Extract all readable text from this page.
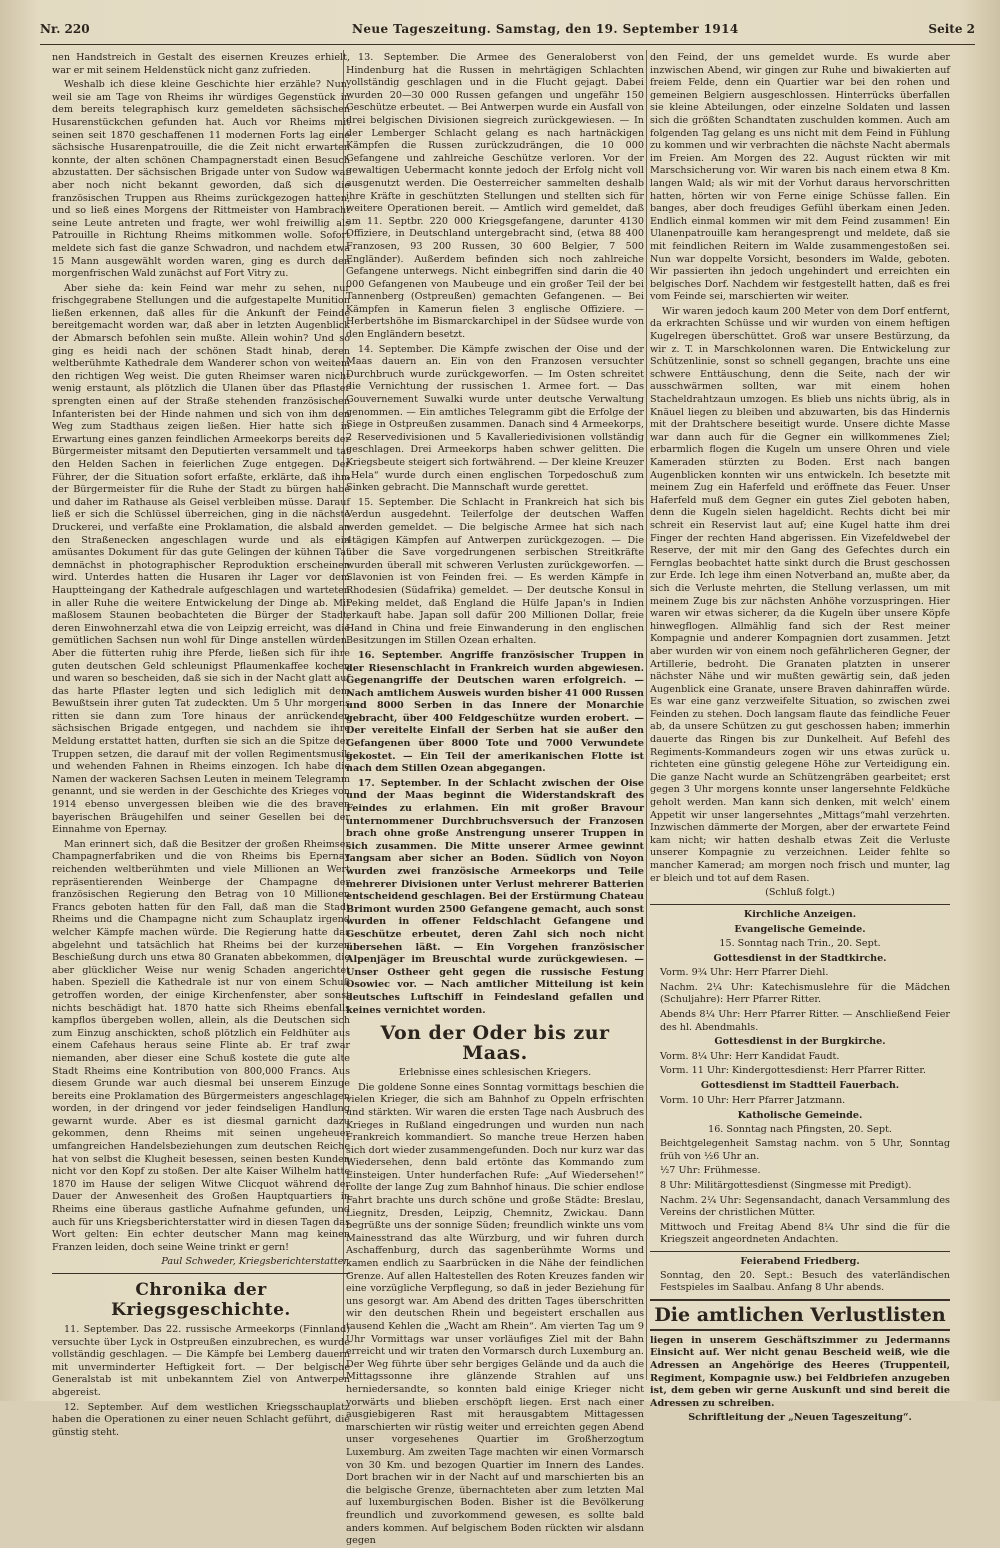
Nr. 220	Neue Tageszeitung. Samstag, den 19. September 1914	Seite 2

nen Handstreich in Gestalt des eisernen Kreuzes erhielt, war er mit seinem Heldenstück nicht ganz zufrieden.

Weshalb ich diese kleine Geschichte hier erzähle? Nun, weil sie am Tage von Rheims ihr würdiges Gegenstück in dem bereits telegraphisch kurz gemeldeten sächsischen Husarenstückchen gefunden hat. Auch vor Rheims mit seinen seit 1870 geschaffenen 11 modernen Forts lag eine sächsische Husarenpatrouille, die die Zeit nicht erwarten konnte, der alten schönen Champagnerstadt einen Besuch abzustatten. Der sächsischen Brigade unter von Sudow war aber noch nicht bekannt geworden, daß sich die französischen Truppen aus Rheims zurückgezogen hatten, und so ließ eines Morgens der Rittmeister von Hambracht seine Leute antreten und fragte, wer wohl freiwillig als Patrouille in Richtung Rheims mitkommen wolle. Sofort meldete sich fast die ganze Schwadron, und nachdem etwa 15 Mann ausgewählt worden waren, ging es durch den morgenfrischen Wald zunächst auf Fort Vitry zu.

Aber siehe da: kein Feind war mehr zu sehen, nur frischgegrabene Stellungen und die aufgestapelte Munition ließen erkennen, daß alles für die Ankunft der Feinde bereitgemacht worden war, daß aber in letzten Augenblick der Abmarsch befohlen sein mußte. Allein wohin? Und so ging es heidi nach der schönen Stadt hinab, deren weltberühmte Kathedrale dem Wanderer schon von weitem den richtigen Weg weist. Die guten Rheimser waren nicht wenig erstaunt, als plötzlich die Ulanen über das Pflaster sprengten einen auf der Straße stehenden französischen Infanteristen bei der Hinde nahmen und sich von ihm den Weg zum Stadthaus zeigen ließen. Hier hatte sich in Erwartung eines ganzen feindlichen Armeekorps bereits der Bürgermeister mitsamt den Deputierten versammelt und tat den Helden Sachen in feierlichen Zuge entgegen. Der Führer, der die Situation sofort erfaßte, erklärte, daß ihm der Bürgermeister für die Ruhe der Stadt zu bürgen habe und daher im Rathause als Geisel verbleiben müsse. Darauf ließ er sich die Schlüssel überreichen, ging in die nächste Druckerei, und verfaßte eine Proklamation, die alsbald an den Straßenecken angeschlagen wurde und als ein amüsantes Dokument für das gute Gelingen der kühnen Tat demnächst in photographischer Reproduktion erscheinen wird. Unterdes hatten die Husaren ihr Lager vor dem Hauptteingang der Kathedrale aufgeschlagen und warteten in aller Ruhe die weitere Entwickelung der Dinge ab. Mit maßlosem Staunen beobachteten die Bürger der Stadt, deren Einwohnerzahl etwa die von Leipzig erreicht, was die gemütlichen Sachsen nun wohl für Dinge anstellen würden. Aber die fütterten ruhig ihre Pferde, ließen sich für ihre guten deutschen Geld schleunigst Pflaumenkaffee kochen und waren so bescheiden, daß sie sich in der Nacht glatt auf das harte Pflaster legten und sich lediglich mit dem Bewußtsein ihrer guten Tat zudeckten. Um 5 Uhr morgens ritten sie dann zum Tore hinaus der anrückenden sächsischen Brigade entgegen, und nachdem sie ihre Meldung erstattet hatten, durften sie sich an die Spitze der Truppen setzen, die darauf mit der vollen Regimentsmusik und wehenden Fahnen in Rheims einzogen. Ich habe die Namen der wackeren Sachsen Leuten in meinem Telegramm genannt, und sie werden in der Geschichte des Krieges von 1914 ebenso unvergessen bleiben wie die des braven bayerischen Bräugehilfen und seiner Gesellen bei der Einnahme von Epernay.

Man erinnert sich, daß die Besitzer der großen Rheimser Champagnerfabriken und die von Rheims bis Epernay reichenden weltberühmten und viele Millionen an Wert repräsentierenden Weinberge der Champagne der französischen Regierung den Betrag von 10 Millionen Francs geboten hatten für den Fall, daß man die Stadt Rheims und die Champagne nicht zum Schauplatz irgend welcher Kämpfe machen würde. Die Regierung hatte das abgelehnt und tatsächlich hat Rheims bei der kurzen Beschießung durch uns etwa 80 Granaten abbekommen, die aber glücklicher Weise nur wenig Schaden angerichtet haben. Speziell die Kathedrale ist nur von einem Schuß getroffen worden, der einige Kirchenfenster, aber sonst nichts beschädigt hat. 1870 hatte sich Rheims ebenfalls kampflos übergeben wollen, allein, als die Deutschen sich zum Einzug anschickten, schoß plötzlich ein Feldhüter aus einem Cafehaus heraus seine Flinte ab. Er traf zwar niemanden, aber dieser eine Schuß kostete die gute alte Stadt Rheims eine Kontribution von 800,000 Francs. Aus diesem Grunde war auch diesmal bei unserem Einzuge bereits eine Proklamation des Bürgermeisters angeschlagen worden, in der dringend vor jeder feindseligen Handlung gewarnt wurde. Aber es ist diesmal garnicht dazu gekommen, denn Rheims mit seinen ungeheuer umfangreichen Handelsbeziehungen zum deutschen Reiche hat von selbst die Klugheit besessen, seinen besten Kunden nicht vor den Kopf zu stoßen. Der alte Kaiser Wilhelm hatte 1870 im Hause der seligen Witwe Clicquot während der Dauer der Anwesenheit des Großen Hauptquartiers in Rheims eine überaus gastliche Aufnahme gefunden, und auch für uns Kriegsberichterstatter wird in diesen Tagen das Wort gelten: Ein echter deutscher Mann mag keinen Franzen leiden, doch seine Weine trinkt er gern!

Paul Schweder, Kriegsberichterstatter.

Chronika der Kriegsgeschichte.

11. September. Das 22. russische Armeekorps (Finnland) versuchte über Lyck in Ostpreußen einzubrechen, es wurde vollständig geschlagen. — Die Kämpfe bei Lemberg dauern mit unverminderter Heftigkeit fort. — Der belgische Generalstab ist mit unbekanntem Ziel von Antwerpen abgereist.

12. September. Auf dem westlichen Kriegsschauplatz haben die Operationen zu einer neuen Schlacht geführt, die günstig steht.

13. September. Die Armee des Generaloberst von Hindenburg hat die Russen in mehrtägigen Schlachten vollständig geschlagen und in die Flucht gejagt. Dabei wurden 20—30 000 Russen gefangen und ungefähr 150 Geschütze erbeutet. — Bei Antwerpen wurde ein Ausfall von drei belgischen Divisionen siegreich zurückgewiesen. — In der Lemberger Schlacht gelang es nach hartnäckigen Kämpfen die Russen zurückzudrängen, die 10 000 Gefangene und zahlreiche Geschütze verloren. Vor der gewaltigen Uebermacht konnte jedoch der Erfolg nicht voll ausgenutzt werden. Die Oesterreicher sammelten deshalb ihre Kräfte in geschützten Stellungen und stellten sich für weitere Operationen bereit. — Amtlich wird gemeldet, daß am 11. Septbr. 220 000 Kriegsgefangene, darunter 4130 Offiziere, in Deutschland untergebracht sind, (etwa 88 400 Franzosen, 93 200 Russen, 30 600 Belgier, 7 500 Engländer). Außerdem befinden sich noch zahlreiche Gefangene unterwegs. Nicht einbegriffen sind darin die 40 000 Gefangenen von Maubeuge und ein großer Teil der bei Tannenberg (Ostpreußen) gemachten Gefangenen. — Bei Kämpfen in Kamerun fielen 3 englische Offiziere. — Herbertshöhe im Bismarckarchipel in der Südsee wurde von den Engländern besetzt.

14. September. Die Kämpfe zwischen der Oise und der Maas dauern an. Ein von den Franzosen versuchter Durchbruch wurde zurückgeworfen. — Im Osten schreitet die Vernichtung der russischen 1. Armee fort. — Das Gouvernement Suwalki wurde unter deutsche Verwaltung genommen. — Ein amtliches Telegramm gibt die Erfolge der Siege in Ostpreußen zusammen. Danach sind 4 Armeekorps, 2 Reservedivisionen und 5 Kavalleriedivisionen vollständig geschlagen. Drei Armeekorps haben schwer gelitten. Die Kriegsbeute steigert sich fortwährend. — Der kleine Kreuzer „Hela“ wurde durch einen englischen Torpedoschuß zum Sinken gebracht. Die Mannschaft wurde gerettet.

15. September. Die Schlacht in Frankreich hat sich bis Verdun ausgedehnt. Teilerfolge der deutschen Waffen werden gemeldet. — Die belgische Armee hat sich nach 4tägigen Kämpfen auf Antwerpen zurückgezogen. — Die über die Save vorgedrungenen serbischen Streitkräfte wurden überall mit schweren Verlusten zurückgeworfen. — Slavonien ist von Feinden frei. — Es werden Kämpfe in Rhodesien (Südafrika) gemeldet. — Der deutsche Konsul in Peking meldet, daß England die Hülfe Japan's in Indien erkauft habe. Japan soll dafür 200 Millionen Dollar, freie Hand in China und freie Einwanderung in den englischen Besitzungen im Stillen Ozean erhalten.

16. September. Angriffe französischer Truppen in der Riesenschlacht in Frankreich wurden abgewiesen. Gegenangriffe der Deutschen waren erfolgreich. — Nach amtlichem Ausweis wurden bisher 41 000 Russen und 8000 Serben in das Innere der Monarchie gebracht, über 400 Feldgeschütze wurden erobert. — Der vereitelte Einfall der Serben hat sie außer den Gefangenen über 8000 Tote und 7000 Verwundete gekostet. — Ein Teil der amerikanischen Flotte ist nach dem Stillen Ozean abgegangen.

17. September. In der Schlacht zwischen der Oise und der Maas beginnt die Widerstandskraft des Feindes zu erlahmen. Ein mit großer Bravour unternommener Durchbruchsversuch der Franzosen brach ohne große Anstrengung unserer Truppen in sich zusammen. Die Mitte unserer Armee gewinnt langsam aber sicher an Boden. Südlich von Noyon wurden zwei französische Armeekorps und Teile mehrerer Divisionen unter Verlust mehrerer Batterien entscheidend geschlagen. Bei der Erstürmung Chateau Brimont wurden 2500 Gefangene gemacht, auch sonst wurden in offener Feldschlacht Gefangene und Geschütze erbeutet, deren Zahl sich noch nicht übersehen läßt. — Ein Vorgehen französischer Alpenjäger im Breuschtal wurde zurückgewiesen. — Unser Ostheer geht gegen die russische Festung Osowiec vor. — Nach amtlicher Mitteilung ist kein deutsches Luftschiff in Feindesland gefallen und keines vernichtet worden.

Von der Oder bis zur Maas.

Erlebnisse eines schlesischen Kriegers.

Die goldene Sonne eines Sonntag vormittags beschien die vielen Krieger, die sich am Bahnhof zu Oppeln erfrischten und stärkten. Wir waren die ersten Tage nach Ausbruch des Krieges in Rußland eingedrungen und wurden nun nach Frankreich kommandiert. So manche treue Herzen haben sich dort wieder zusammengefunden. Doch nur kurz war das Wiedersehen, denn bald ertönte das Kommando zum Einsteigen. Unter hunderfachen Rufe: „Auf Wiedersehen!“ rollte der lange Zug zum Bahnhof hinaus. Die schier endlose Fahrt brachte uns durch schöne und große Städte: Breslau, Liegnitz, Dresden, Leipzig, Chemnitz, Zwickau. Dann begrüßte uns der sonnige Süden; freundlich winkte uns vom Mainesstrand das alte Würzburg, und wir fuhren durch Aschaffenburg, durch das sagenberühmte Worms und kamen endlich zu Saarbrücken in die Nähe der feindlichen Grenze. Auf allen Haltestellen des Roten Kreuzes fanden wir eine vorzügliche Verpflegung, so daß in jeder Beziehung für uns gesorgt war. Am Abend des dritten Tages überschritten wir den deutschen Rhein und begeistert erschallen aus tausend Kehlen die „Wacht am Rhein“. Am vierten Tag um 9 Uhr Vormittags war unser vorläufiges Ziel mit der Bahn erreicht und wir traten den Vormarsch durch Luxemburg an. Der Weg führte über sehr bergiges Gelände und da auch die Mittagssonne ihre glänzende Strahlen auf uns herniedersandte, so konnten bald einige Krieger nicht vorwärts und blieben erschöpft liegen. Erst nach einer ausgiebigeren Rast mit herausgabtem Mittagessen marschierten wir rüstig weiter und erreichten gegen Abend unser vorgesehenes Quartier im Großherzogtum Luxemburg. Am zweiten Tage machten wir einen Vormarsch von 30 Km. und bezogen Quartier im Innern des Landes. Dort brachen wir in der Nacht auf und marschierten bis an die belgische Grenze, übernachteten aber zum letzten Mal auf luxemburgischen Boden. Bisher ist die Bevölkerung freundlich und zuvorkommend gewesen, es sollte bald anders kommen. Auf belgischem Boden rückten wir alsdann gegen

den Feind, der uns gemeldet wurde. Es wurde aber inzwischen Abend, wir gingen zur Ruhe und biwakierten auf freiem Felde, denn ein Quartier war bei den rohen und gemeinen Belgiern ausgeschlossen. Hinterrücks überfallen sie kleine Abteilungen, oder einzelne Soldaten und lassen sich die größten Schandtaten zuschulden kommen. Auch am folgenden Tag gelang es uns nicht mit dem Feind in Fühlung zu kommen und wir verbrachten die nächste Nacht abermals im Freien. Am Morgen des 22. August rückten wir mit Marschsicherung vor. Wir waren bis nach einem etwa 8 Km. langen Wald; als wir mit der Vorhut daraus hervorschritten hatten, hörten wir von Ferne einige Schüsse fallen. Ein banges, aber doch freudiges Gefühl überkam einen Jeden. Endlich einmal kommen wir mit dem Feind zusammen! Ein Ulanenpatrouille kam herangesprengt und meldete, daß sie mit feindlichen Reitern im Walde zusammengestoßen sei. Nun war doppelte Vorsicht, besonders im Walde, geboten. Wir passierten ihn jedoch ungehindert und erreichten ein belgisches Dorf. Nachdem wir festgestellt hatten, daß es frei vom Feinde sei, marschierten wir weiter.

Wir waren jedoch kaum 200 Meter von dem Dorf entfernt, da erkrachten Schüsse und wir wurden von einem heftigen Kugelregen überschüttet. Groß war unsere Bestürzung, da wir z. T. in Marschkolonnen waren. Die Entwickelung zur Schützenlinie, sonst so schnell gegangen, brachte uns eine schwere Enttäuschung, denn die Seite, nach der wir ausschwärmen sollten, war mit einem hohen Stacheldrahtzaun umzogen. Es blieb uns nichts übrig, als in Knäuel liegen zu bleiben und abzuwarten, bis das Hindernis mit der Drahtschere beseitigt wurde. Unsere dichte Masse war dann auch für die Gegner ein willkommenes Ziel; erbarmlich flogen die Kugeln um unsere Ohren und viele Kameraden stürzten zu Boden. Erst nach bangen Augenblicken konnten wir uns entwickeln. Ich besetzte mit meinem Zug ein Haferfeld und eröffnete das Feuer. Unser Haferfeld muß dem Gegner ein gutes Ziel geboten haben, denn die Kugeln sielen hageldicht. Rechts dicht bei mir schreit ein Reservist laut auf; eine Kugel hatte ihm drei Finger der rechten Hand abgerissen. Ein Vizefeldwebel der Reserve, der mit mir den Gang des Gefechtes durch ein Fernglas beobachtet hatte sinkt durch die Brust geschossen zur Erde. Ich lege ihm einen Notverband an, mußte aber, da sich die Verluste mehrten, die Stellung verlassen, um mit meinem Zuge bis zur nächsten Anhöhe vorzuspringen. Hier waren wir etwas sicherer, da die Kugeln über unsere Köpfe hinwegflogen. Allmählig fand sich der Rest meiner Kompagnie und anderer Kompagnien dort zusammen. Jetzt aber wurden wir von einem noch gefährlicheren Gegner, der Artillerie, bedroht. Die Granaten platzten in unserer nächster Nähe und wir mußten gewärtig sein, daß jeden Augenblick eine Granate, unsere Braven dahinraffen würde. Es war eine ganz verzweifelte Situation, so zwischen zwei Feinden zu stehen. Doch langsam flaute das feindliche Feuer ab, da unsere Schützen zu gut geschossen haben; immerhin dauerte das Ringen bis zur Dunkelheit. Auf Befehl des Regiments-Kommandeurs zogen wir uns etwas zurück u. richteten eine günstig gelegene Höhe zur Verteidigung ein. Die ganze Nacht wurde an Schützengräben gearbeitet; erst gegen 3 Uhr morgens konnte unser langersehnte Feldküche geholt werden. Man kann sich denken, mit welch' einem Appetit wir unser langersehntes „Mittags“mahl verzehrten. Inzwischen dämmerte der Morgen, aber der erwartete Feind kam nicht; wir hatten deshalb etwas Zeit die Verluste unserer Kompagnie zu verzeichnen. Leider fehlte so mancher Kamerad; am morgen noch frisch und munter, lag er bleich und tot auf dem Rasen.

(Schluß folgt.)

Kirchliche Anzeigen.
Evangelische Gemeinde.

15. Sonntag nach Trin., 20. Sept.

Gottesdienst in der Stadtkirche.

Vorm. 9¾ Uhr: Herr Pfarrer Diehl.

Nachm. 2¼ Uhr: Katechismuslehre für die Mädchen (Schuljahre): Herr Pfarrer Ritter.

Abends 8¼ Uhr: Herr Pfarrer Ritter. — Anschließend Feier des hl. Abendmahls.

Gottesdienst in der Burgkirche.

Vorm. 8¼ Uhr: Herr Kandidat Faudt.

Vorm. 11 Uhr: Kindergottesdienst: Herr Pfarrer Ritter.

Gottesdienst im Stadtteil Fauerbach.

Vorm. 10 Uhr: Herr Pfarrer Jatzmann.

Katholische Gemeinde.

16. Sonntag nach Pfingsten, 20. Sept.

Beichtgelegenheit Samstag nachm. von 5 Uhr, Sonntag früh von ½6 Uhr an.

½7 Uhr: Frühmesse.

8 Uhr: Militärgottesdienst (Singmesse mit Predigt).

Nachm. 2¼ Uhr: Segensandacht, danach Versammlung des Vereins der christlichen Mütter.

Mittwoch und Freitag Abend 8¼ Uhr sind die für die Kriegszeit angeordneten Andachten.

Feierabend Friedberg.

Sonntag, den 20. Sept.: Besuch des vaterländischen Festspieles im Saalbau. Anfang 8 Uhr abends.

Die amtlichen Verlustlisten

liegen in unserem Geschäftszimmer zu Jedermanns Einsicht auf. Wer nicht genau Bescheid weiß, wie die Adressen an Angehörige des Heeres (Truppenteil, Regiment, Kompagnie usw.) bei Feldbriefen anzugeben ist, dem geben wir gerne Auskunft und sind bereit die Adressen zu schreiben.

Schriftleitung der „Neuen Tageszeitung“.
